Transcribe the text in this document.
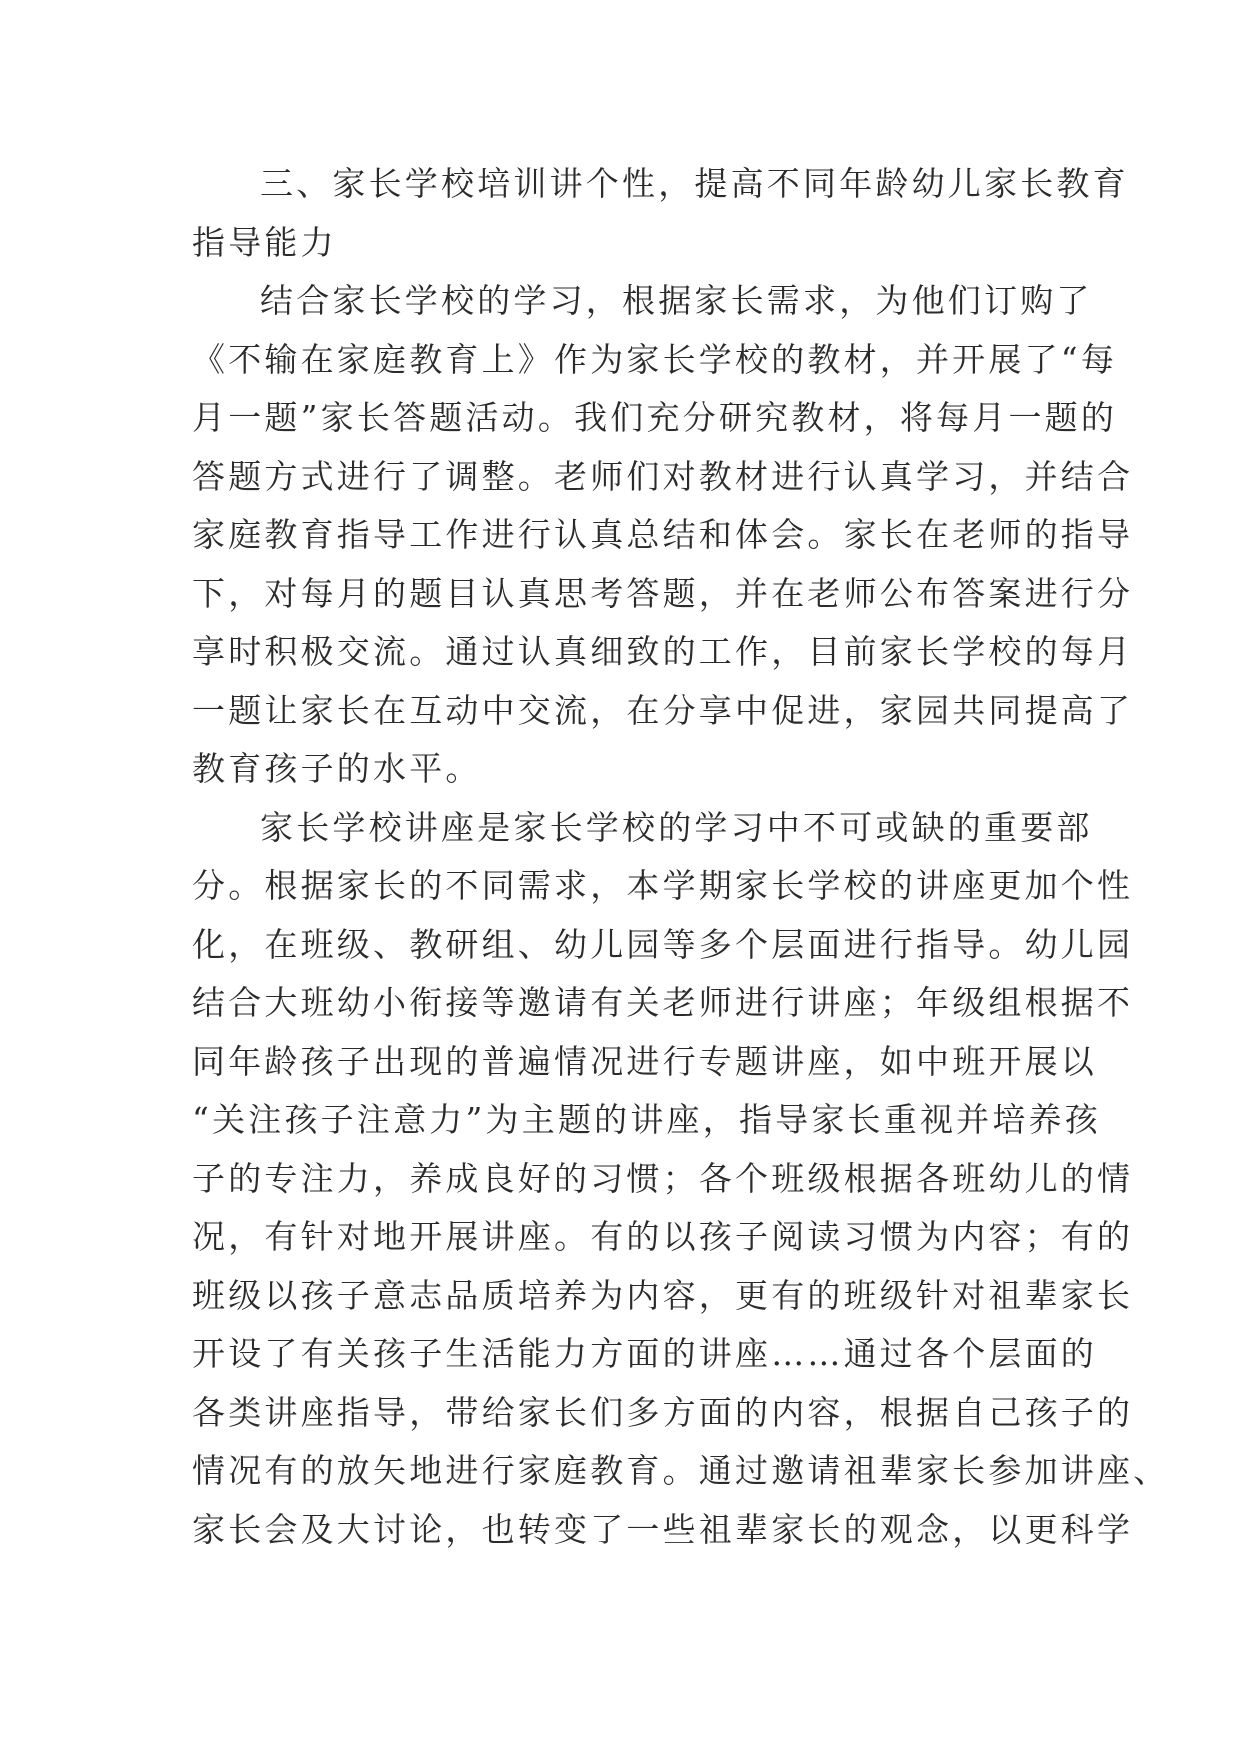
三、家长学校培训讲个性，提高不同年龄幼儿家长教育
指导能力
结合家长学校的学习，根据家长需求，为他们订购了
《不输在家庭教育上》作为家长学校的教材，并开展了“每
月一题”家长答题活动。我们充分研究教材，将每月一题的
答题方式进行了调整。老师们对教材进行认真学习，并结合
家庭教育指导工作进行认真总结和体会。家长在老师的指导
下，对每月的题目认真思考答题，并在老师公布答案进行分
享时积极交流。通过认真细致的工作，目前家长学校的每月
一题让家长在互动中交流，在分享中促进，家园共同提高了
教育孩子的水平。
家长学校讲座是家长学校的学习中不可或缺的重要部
分。根据家长的不同需求，本学期家长学校的讲座更加个性
化，在班级、教研组、幼儿园等多个层面进行指导。幼儿园
结合大班幼小衔接等邀请有关老师进行讲座；年级组根据不
同年龄孩子出现的普遍情况进行专题讲座，如中班开展以
“关注孩子注意力”为主题的讲座，指导家长重视并培养孩
子的专注力，养成良好的习惯；各个班级根据各班幼儿的情
况，有针对地开展讲座。有的以孩子阅读习惯为内容；有的
班级以孩子意志品质培养为内容，更有的班级针对祖辈家长
开设了有关孩子生活能力方面的讲座……通过各个层面的
各类讲座指导，带给家长们多方面的内容，根据自己孩子的
情况有的放矢地进行家庭教育。通过邀请祖辈家长参加讲座、
家长会及大讨论，也转变了一些祖辈家长的观念，以更科学
